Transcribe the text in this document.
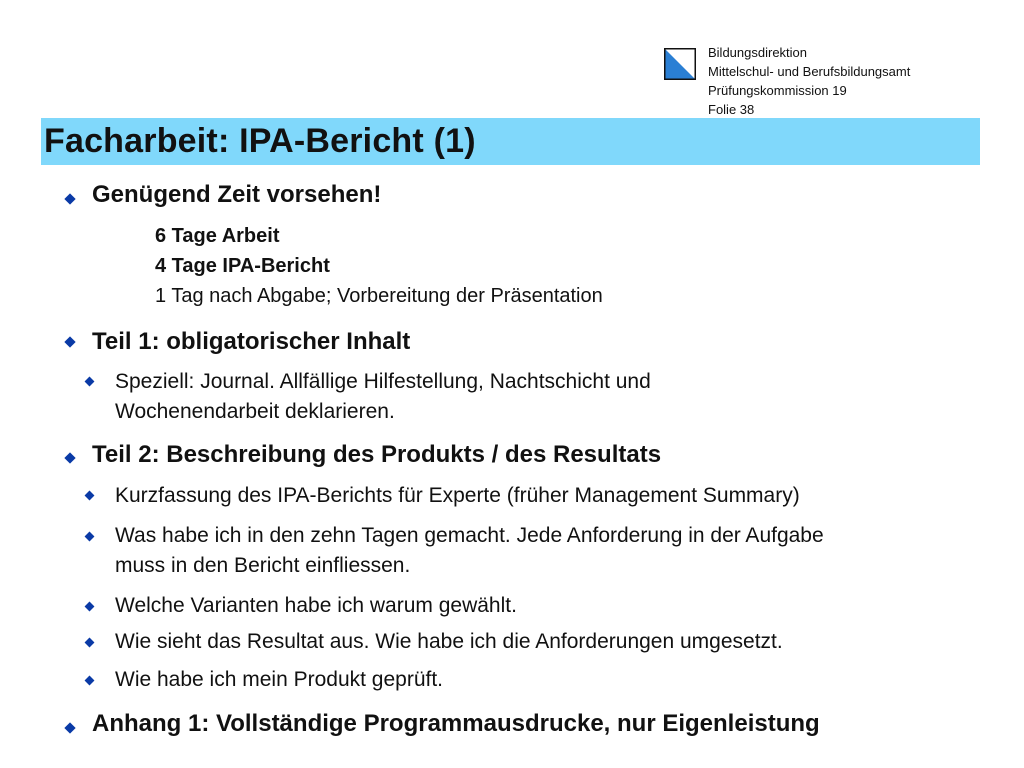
Bildungsdirektion
Mittelschul- und Berufsbildungsamt
Prüfungskommission 19
Folie 38
Facharbeit: IPA-Bericht (1)
Genügend Zeit vorsehen!
6 Tage Arbeit
4 Tage IPA-Bericht
1 Tag nach Abgabe; Vorbereitung der Präsentation
Teil 1: obligatorischer Inhalt
Speziell: Journal. Allfällige Hilfestellung, Nachtschicht und
Wochenendarbeit deklarieren.
Teil 2: Beschreibung des Produkts / des Resultats
Kurzfassung des IPA-Berichts für Experte (früher Management Summary)
Was habe ich in den zehn Tagen gemacht. Jede Anforderung in der Aufgabe
muss in den Bericht einfliessen.
Welche Varianten habe ich warum gewählt.
Wie sieht das Resultat aus. Wie habe ich die Anforderungen umgesetzt.
Wie habe ich mein Produkt geprüft.
Anhang 1: Vollständige Programmausdrucke, nur Eigenleistung
